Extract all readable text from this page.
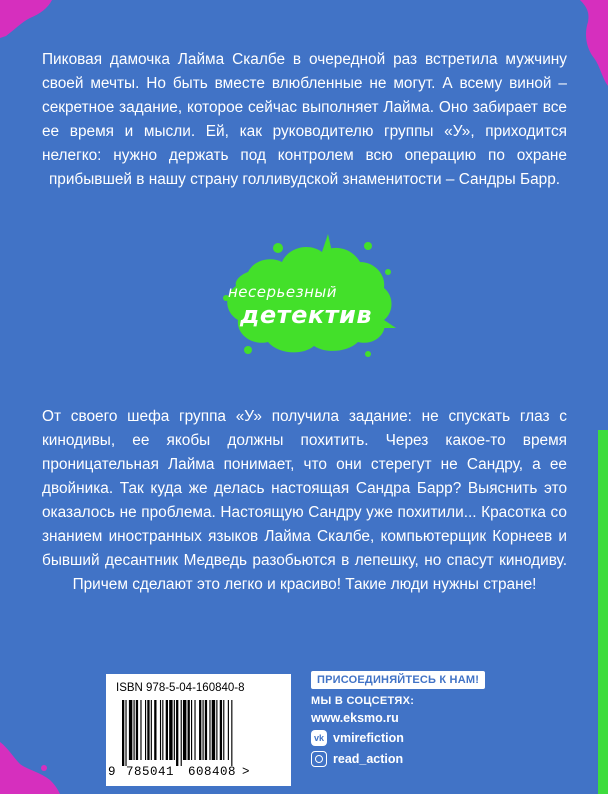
Пиковая дамочка Лайма Скалбе в очередной раз встретила мужчину своей мечты. Но быть вместе влюбленные не могут. А всему виной – секретное задание, которое сейчас выполняет Лайма. Оно забирает все ее время и мысли. Ей, как руководителю группы «У», приходится нелегко: нужно держать под контролем всю операцию по охране прибывшей в нашу страну голливудской знаменитости – Сандры Барр.

несерьезный
детектив

От своего шефа группа «У» получила задание: не спускать глаз с кинодивы, ее якобы должны похитить. Через какое-то время проницательная Лайма понимает, что они стерегут не Сандру, а ее двойника. Так куда же делась настоящая Сандра Барр? Выяснить это оказалось не проблема. Настоящую Сандру уже похитили... Красотка со знанием иностранных языков Лайма Скалбе, компьютерщик Корнеев и бывший десантник Медведь разобьются в лепешку, но спасут кинодиву. Причем сделают это легко и красиво! Такие люди нужны стране!

ISBN 978-5-04-160840-8
9 785041 608408 >
ПРИСОЕДИНЯЙТЕСЬ К НАМ!
МЫ В СОЦСЕТЯХ:
www.eksmo.ru
vk vmirefiction
read_action
